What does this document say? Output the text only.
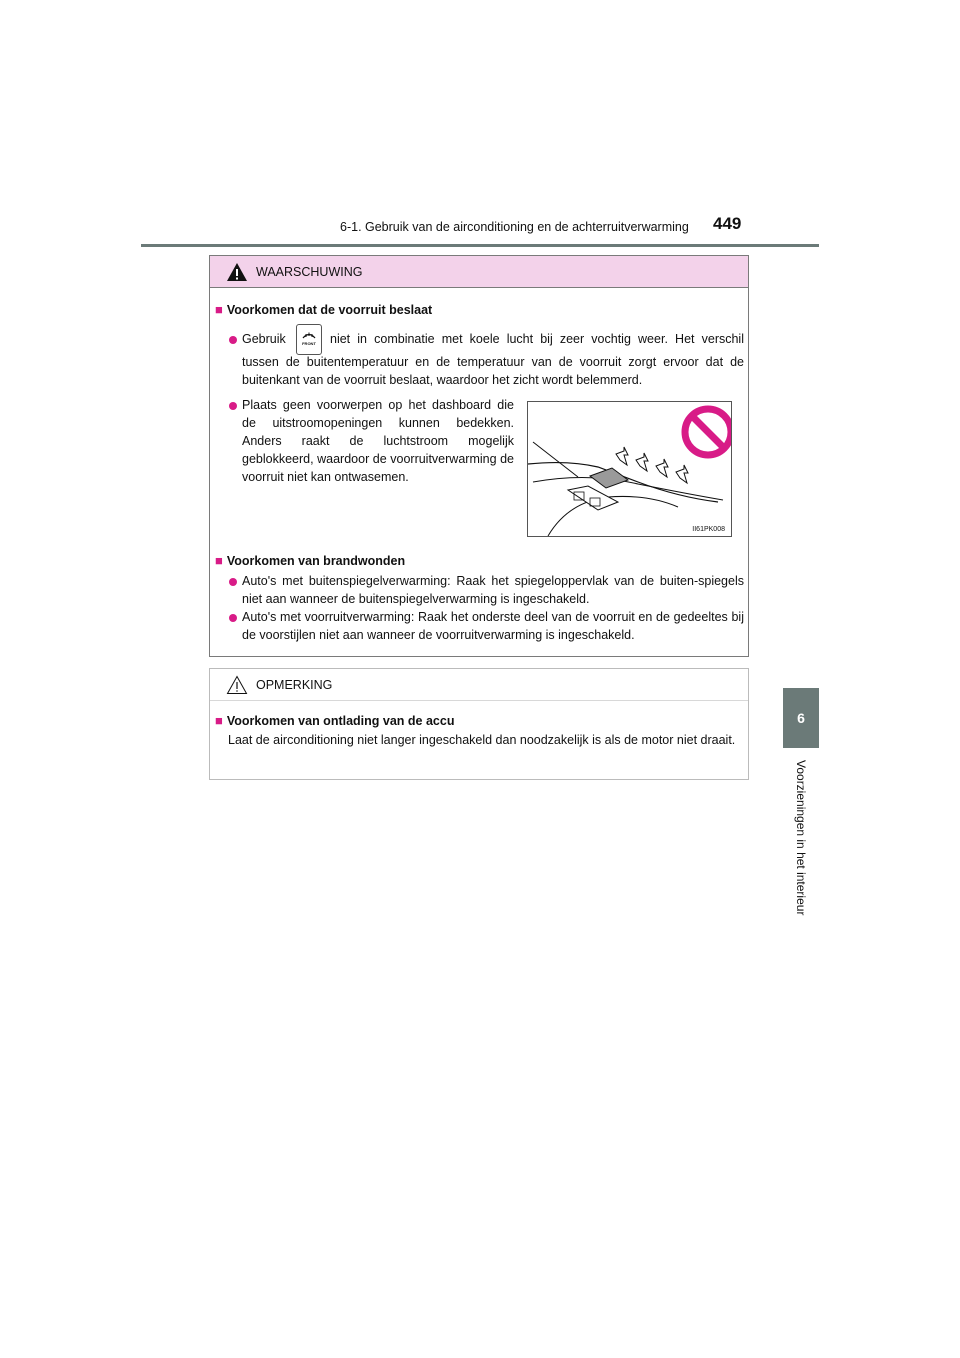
6-1. Gebruik van de airconditioning en de achterruitverwarming	449
6
Voorzieningen in het interieur
WAARSCHUWING
■ Voorkomen dat de voorruit beslaat
Gebruik	FRONT	niet in combinatie met koele lucht bij zeer vochtig weer. Het verschil
tussen de buitentemperatuur en de temperatuur van de voorruit zorgt ervoor dat de buitenkant van de voorruit beslaat, waardoor het zicht wordt belemmerd.
Plaats geen voorwerpen op het dashboard die de uitstroomopeningen kunnen bedekken. Anders raakt de luchtstroom mogelijk geblokkeerd, waardoor de voorruitverwarming de voorruit niet kan ontwasemen.
II61PK008
■ Voorkomen van brandwonden
Auto's met buitenspiegelverwarming: Raak het spiegeloppervlak van de buiten-spiegels niet aan wanneer de buitenspiegelverwarming is ingeschakeld.
Auto's met voorruitverwarming: Raak het onderste deel van de voorruit en de gedeeltes bij de voorstijlen niet aan wanneer de voorruitverwarming is ingeschakeld.
OPMERKING
■ Voorkomen van ontlading van de accu
Laat de airconditioning niet langer ingeschakeld dan noodzakelijk is als de motor niet draait.
